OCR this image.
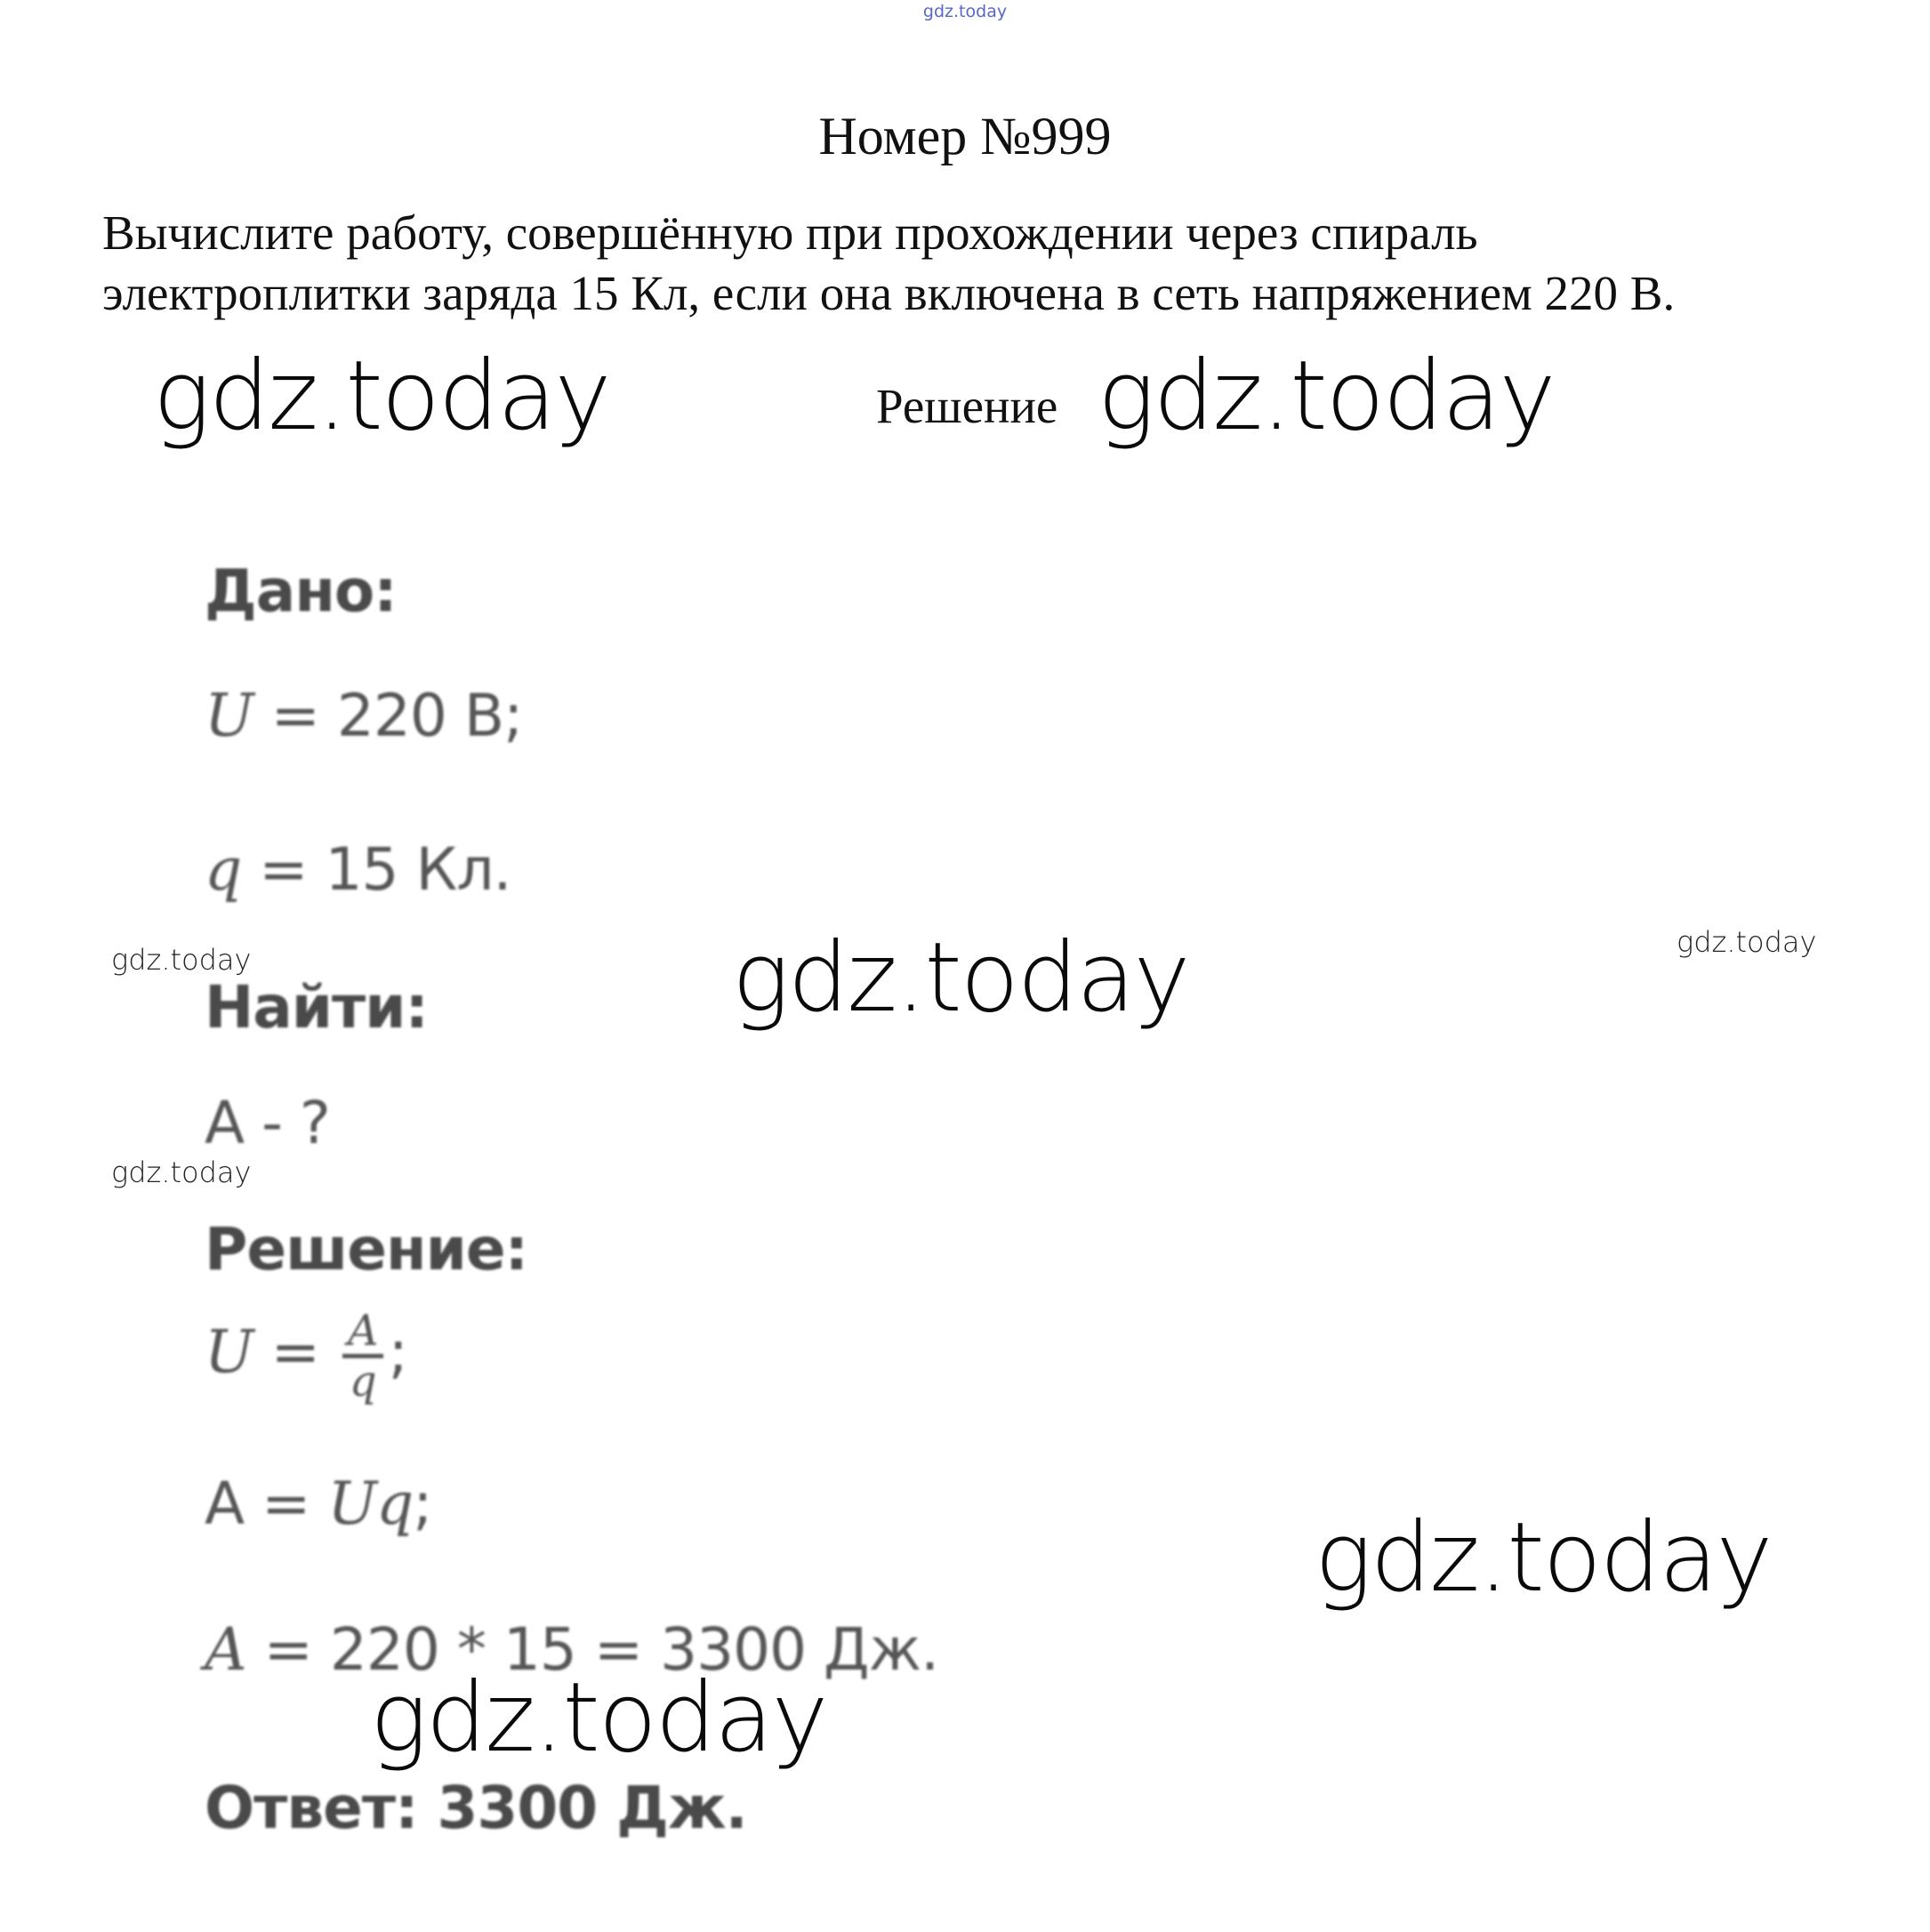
gdz.today
Номер №999
Вычислите работу, совершённую при прохождении через спираль
электроплитки заряда 15 Кл, если она включена в сеть напряжением 220 В.
Решение
gdz.today	gdz.today
gdz.today
gdz.today
gdz.today
gdz.today
gdz.today
gdz.today
Дано:
U = 220 В;
q = 15 Кл.
Найти:
А - ?
Решение:
$U = \frac{A}{q}$ ;
А = Uq;
A = 220 * 15 = 3300 Дж.
Ответ: 3300 Дж.
